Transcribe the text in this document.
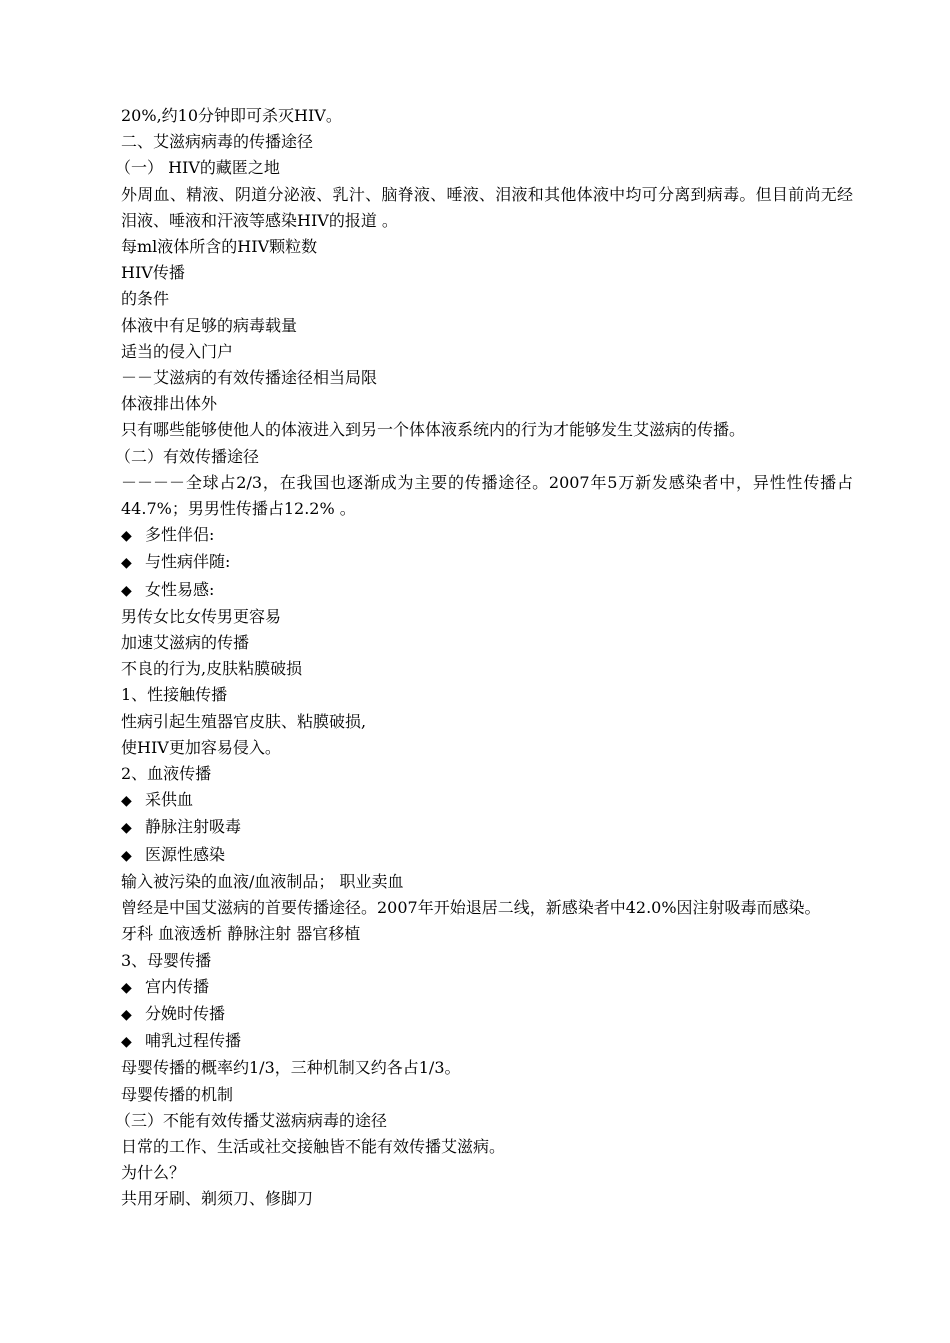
20%,约10分钟即可杀灭HIV。
二、艾滋病病毒的传播途径
（一） HIV的藏匿之地
外周血、精液、阴道分泌液、乳汁、脑脊液、唾液、泪液和其他体液中均可分离到病毒。但目前尚无经泪液、唾液和汗液等感染HIV的报道 。
每ml液体所含的HIV颗粒数
HIV传播
的条件
体液中有足够的病毒载量
适当的侵入门户
－－艾滋病的有效传播途径相当局限
体液排出体外
只有哪些能够使他人的体液进入到另一个体体液系统内的行为才能够发生艾滋病的传播。
（二）有效传播途径
－－－－全球占2/3，在我国也逐渐成为主要的传播途径。2007年5万新发感染者中，异性性传播占44.7%；男男性传播占12.2% 。
◆ 多性伴侣:
◆ 与性病伴随:
◆ 女性易感:
男传女比女传男更容易
加速艾滋病的传播
不良的行为,皮肤粘膜破损
1、性接触传播
性病引起生殖器官皮肤、粘膜破损,
使HIV更加容易侵入。
2、血液传播
◆ 采供血
◆ 静脉注射吸毒
◆ 医源性感染
输入被污染的血液/血液制品； 职业卖血
曾经是中国艾滋病的首要传播途径。2007年开始退居二线，新感染者中42.0%因注射吸毒而感染。
牙科 血液透析 静脉注射 器官移植
3、母婴传播
◆ 宫内传播
◆ 分娩时传播
◆ 哺乳过程传播
母婴传播的概率约1/3，三种机制又约各占1/3。
母婴传播的机制
（三）不能有效传播艾滋病病毒的途径
日常的工作、生活或社交接触皆不能有效传播艾滋病。
为什么？
共用牙刷、剃须刀、修脚刀
